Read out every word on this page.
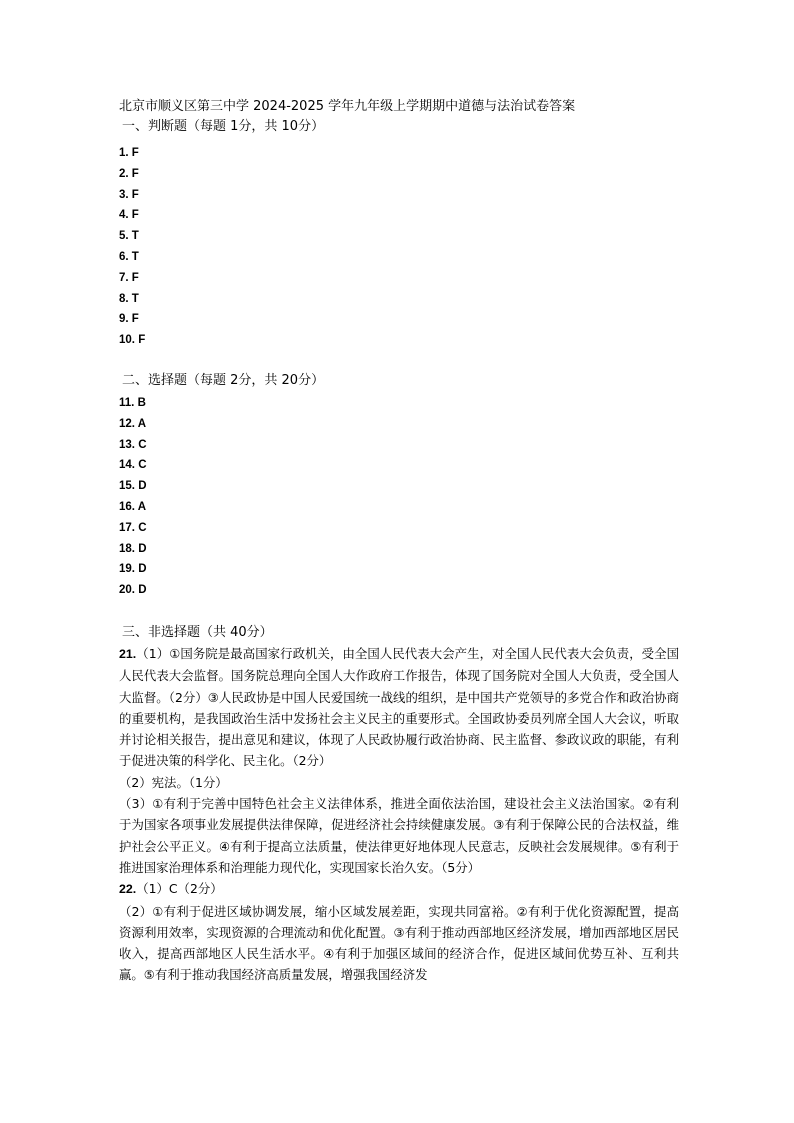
北京市顺义区第三中学 2024-2025 学年九年级上学期期中道德与法治试卷答案
一、判断题（每题 1分，共 10分）
1. F
2. F
3. F
4. F
5. T
6. T
7. F
8. T
9. F
10. F
二、选择题（每题 2分，共 20分）
11. B
12. A
13. C
14. C
15. D
16. A
17. C
18. D
19. D
20. D
三、非选择题（共 40分）

21.（1）①国务院是最高国家行政机关，由全国人民代表大会产生，对全国人民代表大会负责，受全国人民代表大会监督。国务院总理向全国人大作政府工作报告，体现了国务院对全国人大负责，受全国人大监督。（2分）③人民政协是中国人民爱国统一战线的组织，是中国共产党领导的多党合作和政治协商的重要机构，是我国政治生活中发扬社会主义民主的重要形式。全国政协委员列席全国人大会议，听取并讨论相关报告，提出意见和建议，体现了人民政协履行政治协商、民主监督、参政议政的职能，有利于促进决策的科学化、民主化。（2分）

（2）宪法。（1分）

（3）①有利于完善中国特色社会主义法律体系，推进全面依法治国，建设社会主义法治国家。②有利于为国家各项事业发展提供法律保障，促进经济社会持续健康发展。③有利于保障公民的合法权益，维护社会公平正义。④有利于提高立法质量，使法律更好地体现人民意志，反映社会发展规律。⑤有利于推进国家治理体系和治理能力现代化，实现国家长治久安。（5分）

22.（1）C（2分）

（2）①有利于促进区域协调发展，缩小区域发展差距，实现共同富裕。②有利于优化资源配置，提高资源利用效率，实现资源的合理流动和优化配置。③有利于推动西部地区经济发展，增加西部地区居民收入，提高西部地区人民生活水平。④有利于加强区域间的经济合作，促进区域间优势互补、互利共赢。⑤有利于推动我国经济高质量发展，增强我国经济发
